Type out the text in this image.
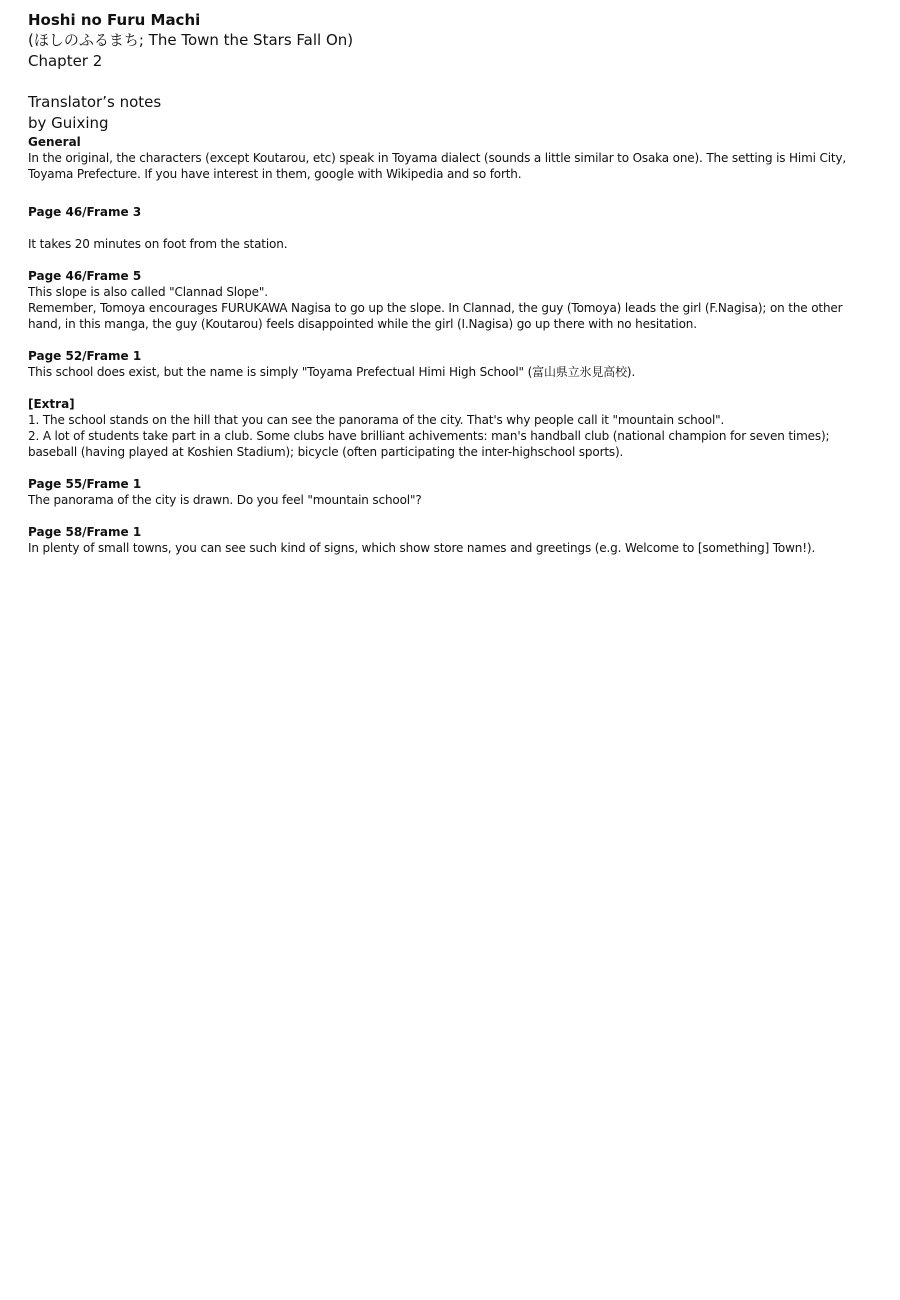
Hoshi no Furu Machi

(ほしのふるまち; The Town the Stars Fall On)

Chapter 2

Translator’s notes

by Guixing

General

In the original, the characters (except Koutarou, etc) speak in Toyama dialect (sounds a little similar to Osaka one). The setting is Himi City, Toyama Prefecture. If you have interest in them, google with Wikipedia and so forth.

Page 46/Frame 3

It takes 20 minutes on foot from the station.

Page 46/Frame 5

This slope is also called "Clannad Slope".

Remember, Tomoya encourages FURUKAWA Nagisa to go up the slope. In Clannad, the guy (Tomoya) leads the girl (F.Nagisa); on the other hand, in this manga, the guy (Koutarou) feels disappointed while the girl (I.Nagisa) go up there with no hesitation.

Page 52/Frame 1

This school does exist, but the name is simply "Toyama Prefectual Himi High School" (富山県立氷見高校).

[Extra]

1. The school stands on the hill that you can see the panorama of the city. That's why people call it "mountain school".

2. A lot of students take part in a club. Some clubs have brilliant achivements: man's handball club (national champion for seven times); baseball (having played at Koshien Stadium); bicycle (often participating the inter-highschool sports).

Page 55/Frame 1

The panorama of the city is drawn. Do you feel "mountain school"?

Page 58/Frame 1

In plenty of small towns, you can see such kind of signs, which show store names and greetings (e.g. Welcome to [something] Town!).
